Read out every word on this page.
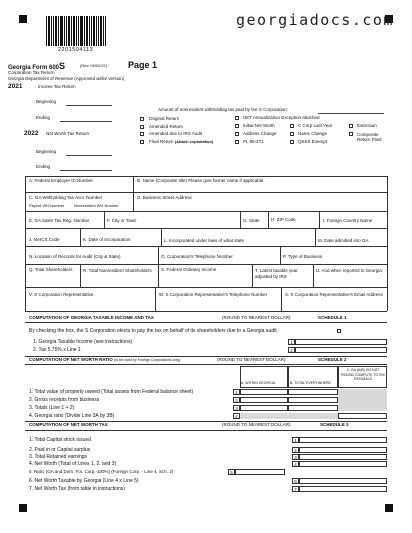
2201504113
georgiadocs.com
Georgia Form 600S	(Rev. 08/02/21) Page 1
Corporation Tax Return
Georgia Department of Revenue (Approved web2 version)
2021	Income Tax Return
Beginning
Ending
2022 Net Worth Tax Return
Beginning
Ending
Amount of nonresident withholding tax paid by the S Corporation:
Original Return
Amended Return
Amended due to IRS Audit
Final Return (Attach explanation)
UET Annualization Exception attached
Initial Net Worth
Address Change
PL 86-272
C Corp Last Year
Name Change
QSSS Exempt
Extension
Composite Return Filed
A. Federal Employer ID Number	B. Name (Corporate title) Please give former name if applicable.
C. GA Withholding Tax Acct. Number
Payroll WH Number Nonresident WH Number
D. Business Street Address
E. GA Sales Tax Reg. Number	F. City or Town	G. State	H. ZIP Code	I. Foreign Country Name
J. NAICS Code	K. Date of Incorporation	L. Incorporated under laws of what state	M. Date admitted into GA
N. Location of Records for Audit (City & State)	O. Corporation's Telephone Number	P. Type of Business
Q. Total Shareholders R. Total Nonresident Shareholders	S. Federal Ordinary Income	T. Latest taxable year adjusted by IRS
U. And when reported to Georgia:
V. S Corporation Representative	W. S Corporation Representative's Telephone Number	X. S Corporation Representative's Email Address
COMPUTATION OF GEORGIA TAXABLE INCOME AND TAX	(ROUND TO NEAREST DOLLAR)	SCHEDULE 1
By checking the box, the S Corporation elects to pay the tax on behalf of its shareholders due to a Georgia audit.
1. Georgia Taxable Income (see instructions)
2. Tax 5.75% x Line 1
1
2
COMPUTATION OF NET WORTH RATIO (to be used by Foreign Corporations only)	(ROUND TO NEAREST DOLLAR)	SCHEDULE 2
A. WITHIN GEORGIA	B. TOTAL EVERYWHERE
C. GA (A/B) DO NOT ROUND COMPUTE TO SIX DECIMALS
1. Total value of property owned (Total assets from Federal balance sheet)
2. Gross receipts from business
3. Totals (Line 1 + 2)
4. Georgia ratio (Divide Line 3A by 3B)
1
2
3
4
COMPUTATION OF NET WORTH TAX	(ROUND TO NEAREST DOLLAR)	SCHEDULE 3
1. Total Capital stock issued
2. Paid in or Capital surplus
3. Total Retained earnings
4. Net Worth (Total of Lines 1, 2, and 3)
5. Ratio (GA and Dom. For. Corp.-100%) (Foreign Corp. - Line 4, Sch. 2)
6. Net Worth Taxable by Georgia (Line 4 x Line 5)
7. Net Worth Tax (from table in instructions)
1
2
3
4
5
6
7
